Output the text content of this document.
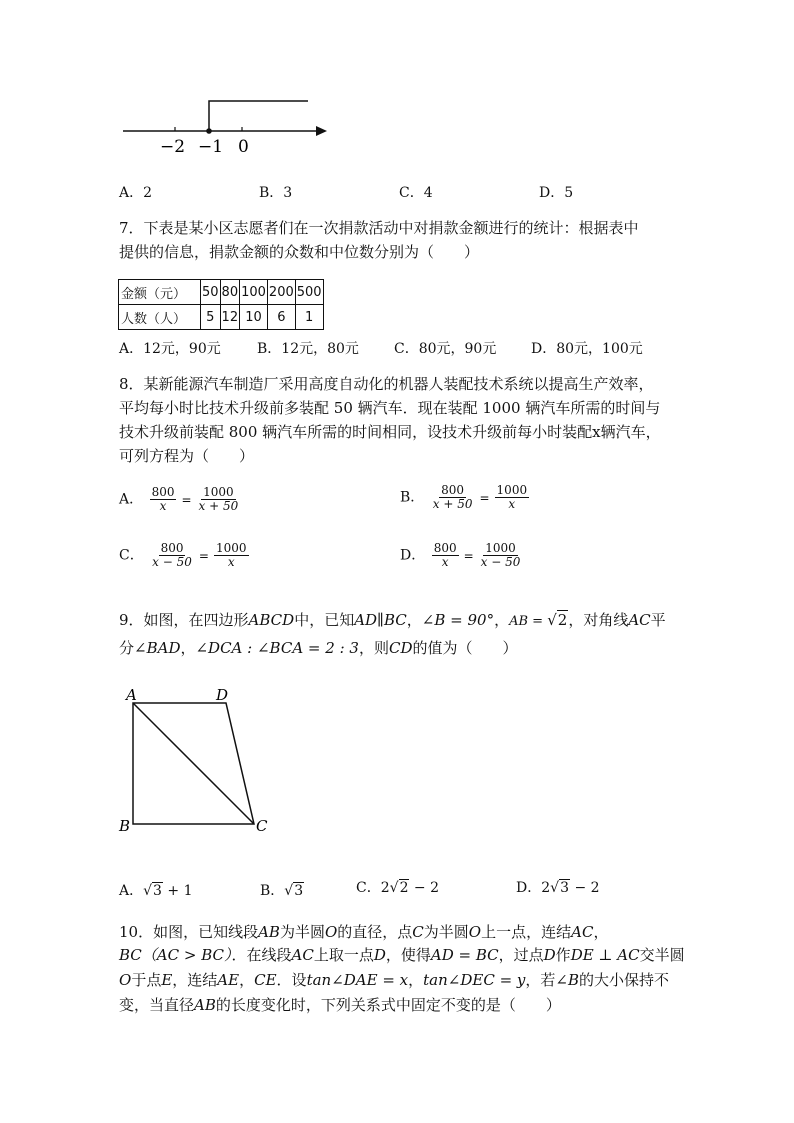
−2 −1 0
A．2	B．3	C．4	D．5
7．下表是某小区志愿者们在一次捐款活动中对捐款金额进行的统计：根据表中
提供的信息，捐款金额的众数和中位数分别为（　　）
金额（元）	50	80	100	200	500
人数（人）	5	12	10	6	1
A．12元，90元	B．12元，80元	C．80元，90元 D．80元，100元
8．某新能源汽车制造厂采用高度自动化的机器人装配技术系统以提高生产效率，
平均每小时比技术升级前多装配 50 辆汽车．现在装配 1000 辆汽车所需的时间与
技术升级前装配 800 辆汽车所需的时间相同，设技术升级前每小时装配x辆汽车，
可列方程为（　　）
A． $\frac{800}{x} = \frac{1000}{x + 50}$	B． $\frac{800}{x + 50} = \frac{1000}{x}$
C． $\frac{800}{x - 50} = \frac{1000}{x}$	D． $\frac{800}{x} = \frac{1000}{x - 50}$
9．如图，在四边形ABCD中，已知AD∥BC，∠B = 90°，AB = √2，对角线AC平
分∠BAD，∠DCA : ∠BCA = 2 : 3，则CD的值为（　　）
A	D
B	C
A．√3 + 1	B．√3	C．2√2 − 2	D．2√3 − 2
10．如图，已知线段AB为半圆O的直径，点C为半圆O上一点，连结AC，
BC（AC > BC）．在线段AC上取一点D，使得AD = BC，过点D作DE ⊥ AC交半圆
O于点E，连结AE，CE．设tan∠DAE = x，tan∠DEC = y，若∠B的大小保持不
变，当直径AB的长度变化时，下列关系式中固定不变的是（　　）
